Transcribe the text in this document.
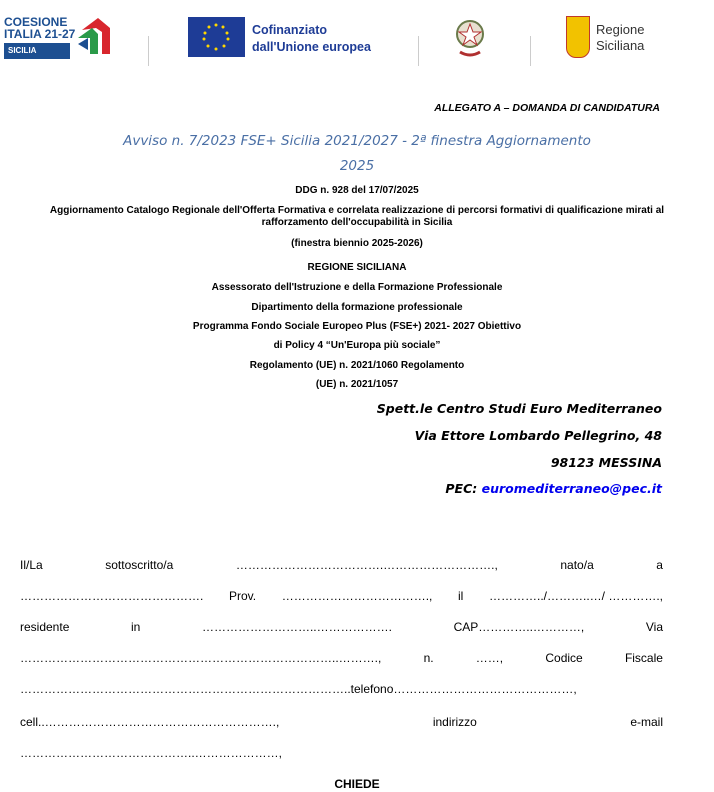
COESIONE
ITALIA 21-27
SICILIA
Cofinanziato
dall'Unione europea
Regione
Siciliana
ALLEGATO A – DOMANDA DI CANDIDATURA
Avviso n. 7/2023 FSE+ Sicilia 2021/2027 - 2ª finestra Aggiornamento
2025
DDG n. 928 del 17/07/2025
Aggiornamento Catalogo Regionale dell'Offerta Formativa e correlata realizzazione di percorsi formativi di qualificazione mirati al
rafforzamento dell'occupabilità in Sicilia
(finestra biennio 2025-2026)
REGIONE SICILIANA
Assessorato dell'Istruzione e della Formazione Professionale
Dipartimento della formazione professionale
Programma Fondo Sociale Europeo Plus (FSE+) 2021- 2027 Obiettivo
di Policy 4 “Un'Europa più sociale”
Regolamento (UE) n. 2021/1060 Regolamento
(UE) n. 2021/1057
Spett.le Centro Studi Euro Mediterraneo
Via Ettore Lombardo Pellegrino, 48
98123 MESSINA
PEC: euromediterraneo@pec.it
Il/La	sottoscritto/a	……………………………….……………………….,	nato/a	a
………………………………………. Prov. ………………………………., il …………../………..…/ ………….,
residente	in	………………………..……………….	CAP…………..…………,	Via
……………………………………………………………………..……….,	n.	……,	Codice	Fiscale
………………………………………………………………………..telefono………………………………………,
cell..………………………………………………….,	indirizzo	e-mail
……………………………………..…………………,
CHIEDE
